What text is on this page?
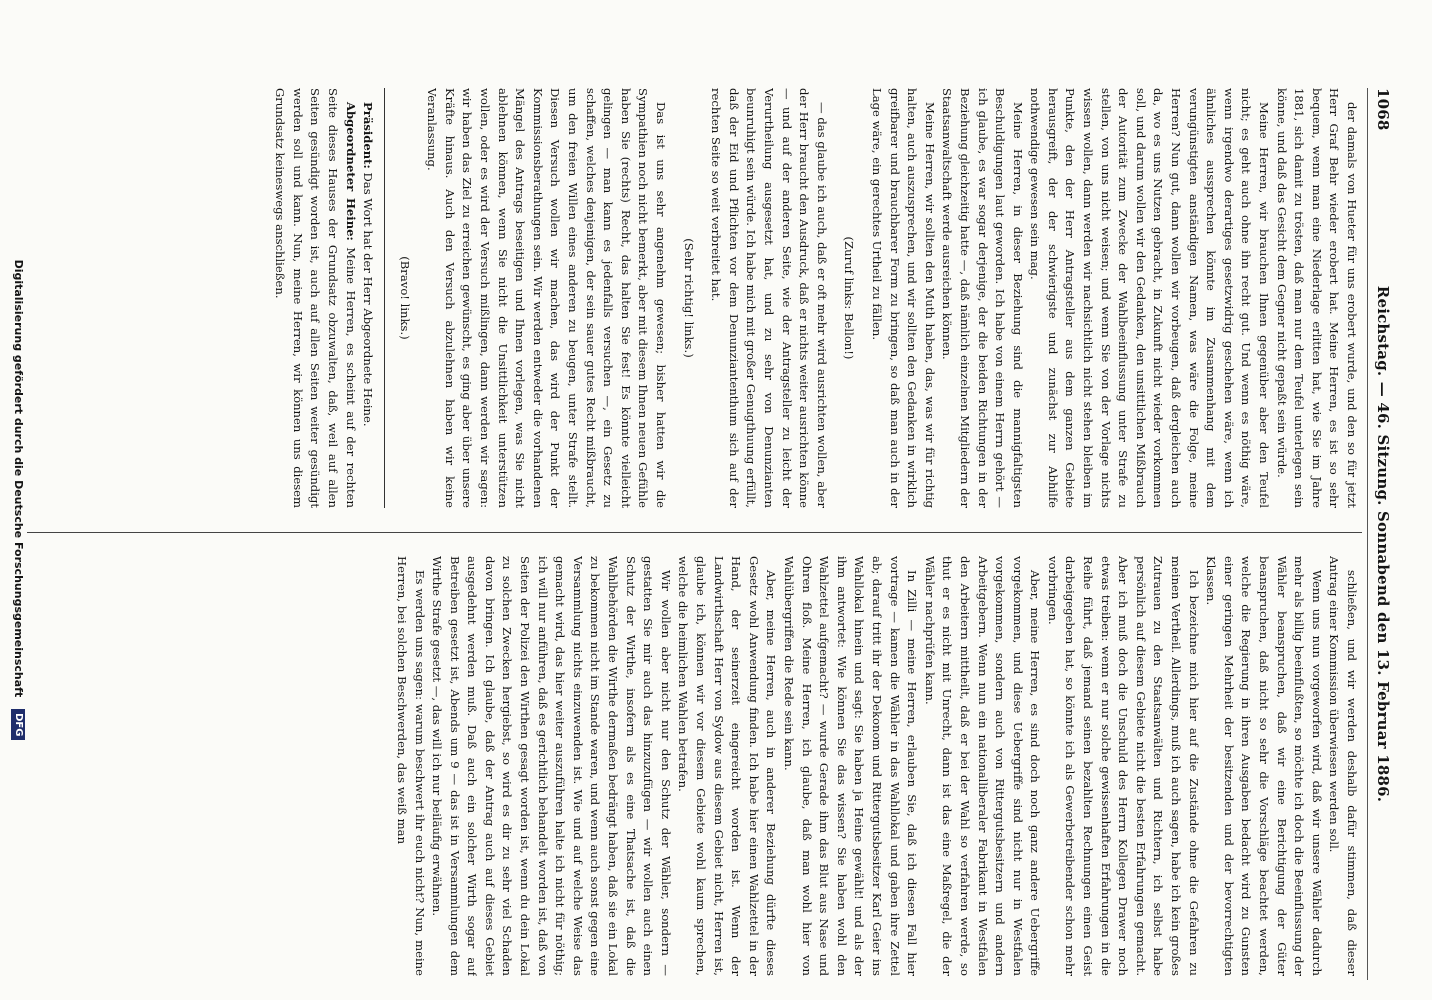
1068
Reichstag. — 46. Sitzung. Sonnabend den 13. Februar 1886.

der damals von Hueter für uns erobert wurde, und den so für jetzt Herr Graf Behr wieder erobert hat. Meine Herren, es ist so sehr bequem, wenn man eine Niederlage erlitten hat, wie Sie im Jahre 1881, sich damit zu trösten, daß man nur dem Teufel unterlegen sein könne, und daß das Gesicht dem Gegner nicht gepaßt sein würde.

Meine Herren, wir brauchen Ihnen gegenüber aber den Teufel nicht; es geht auch ohne ihn recht gut. Und wenn es nöthig wäre, wenn irgendwo derartiges gesetzwidrig geschehen wäre, wenn ich ähnliches aussprechen könnte im Zusammenhang mit dem verungünstigten anständigen Namen, was wäre die Folge, meine Herren? Nun gut, dann wollen wir vorbeugen, daß dergleichen auch da, wo es uns Nutzen gebracht, in Zukunft nicht wieder vorkommen soll, und darum wollen wir den Gedanken, den unsittlichen Mißbrauch der Autorität zum Zwecke der Wahlbeeinflussung unter Strafe zu stellen, von uns nicht weisen; und wenn Sie von der Vorlage nichts wissen wollen, dann werden wir nachsichtlich nicht stehen bleiben im Punkte, den der Herr Antragsteller aus dem ganzen Gebiete herausgreift, der der schwierigste und zunächst zur Abhilfe nothwendige gewesen sein mag.

Meine Herren, in dieser Beziehung sind die mannigfaltigsten Beschuldigungen laut geworden. Ich habe von einem Herrn gehört — ich glaube, es war sogar derjenige, der die beiden Richtungen in der Beziehung gleichzeitig hatte —, daß nämlich einzelnen Mitgliedern der Staatsanwaltschaft werde ausreichen können.

Meine Herren, wir sollten den Muth haben, das, was wir für richtig halten, auch auszusprechen, und wir sollten den Gedanken in wirklich greifbarer und brauchbarer Form zu bringen, so daß man auch in der Lage wäre, ein gerechtes Urtheil zu fällen.

(Zuruf links: Bellon!)

— das glaube ich auch, daß er oft mehr wird ausrichten wollen, aber der Herr braucht den Ausdruck, daß er nichts weiter ausrichten könne — und auf der anderen Seite, wie der Antragsteller zu leicht der Verurtheilung ausgesetzt hat, und zu sehr von Denunzianten beunruhigt sein würde. Ich habe mich mit großer Genugthuung erfüllt, daß der Eid und Pflichten vor dem Denunziantenthum sich auf der rechten Seite so weit verbreitet hat.

(Sehr richtig! links.)

Das ist uns sehr angenehm gewesen; bisher hatten wir die Sympathien noch nicht bemerkt, aber mit diesem Ihnen neuen Gefühle haben Sie (rechts) Recht, das halten Sie fest! Es könnte vielleicht gelingen — man kann es jedenfalls versuchen —, ein Gesetz zu schaffen, welches denjenigen, der sein sauer gutes Recht mißbraucht, um den freien Willen eines anderen zu beugen, unter Strafe stellt. Diesen Versuch wollen wir machen, das wird der Punkt der Kommissionsberathungen sein. Wir werden entweder die vorhandenen Mängel des Antrags beseitigen und Ihnen vorlegen, was Sie nicht ablehnen können, wenn Sie nicht die Unsittlichkeit unterstützen wollen, oder es wird der Versuch mißlingen, dann werden wir sagen: wir haben das Ziel zu erreichen gewünscht, es ging aber über unsere Kräfte hinaus. Auch den Versuch abzulehnen haben wir keine Veranlassung.

(Bravo! links.)

Präsident: Das Wort hat der Herr Abgeordnete Heine.

Abgeordneter Heine: Meine Herren, es scheint auf der rechten Seite dieses Hauses der Grundsatz obzuwalten, daß, weil auf allen Seiten gesündigt worden ist, auch auf allen Seiten weiter gesündigt werden soll und kann. Nun, meine Herren, wir können uns diesem Grundsatz keineswegs anschließen.

schließen, und wir werden deshalb dafür stimmen, daß dieser Antrag einer Kommission überwiesen werden soll.

Wenn uns nun vorgeworfen wird, daß wir unsere Wähler dadurch mehr als billig beeinflußten, so möchte ich doch die Beeinflussung der Wähler beanspruchen, daß wir eine Berichtigung der Güter beanspruchen, daß nicht so sehr die Vorschläge beachtet werden, welche die Regierung in ihren Ausgaben bedacht wird zu Gunsten einer geringen Mehrheit der besitzenden und der bevorrechtigten Klassen.

Ich bezeichne mich hier auf die Zustände ohne die Gefahren zu meinen Vertheil. Allerdings, muß ich auch sagen, habe ich kein großes Zutrauen zu den Staatsanwälten und Richtern, ich selbst habe persönlich auf diesem Gebiete nicht die besten Erfahrungen gemacht. Aber ich muß doch die Unschuld des Herrn Kollegen Drawer noch etwas treiben: wenn er nur solche gewissenhaften Erfahrungen in die Reihe führt, daß jemand seinen bezahlten Rechnungen einen Geist darbeigegeben hat, so könnte ich als Gewerbetreibender schon mehr vorbringen.

Aber, meine Herren, es sind doch noch ganz andere Uebergriffe vorgekommen, und diese Uebergriffe sind nicht nur in Westfalen vorgekommen, sondern auch von Rittergutsbesitzern und andern Arbeitgebern. Wenn nun ein nationalliberaler Fabrikant in Westfalen den Arbeitern mittheilt, daß er bei der Wahl so verfahren werde, so thut er es nicht mit Unrecht, dann ist das eine Maßregel, die der Wähler nachprüfen kann.

In Zilli — meine Herren, erlauben Sie, daß ich diesen Fall hier vortrage — kamen die Wähler in das Wahllokal und gaben ihre Zettel ab; darauf tritt ihr der Dekonom und Rittergutsbesitzer Karl Geier ins Wahllokal hinein und sagt: Sie haben ja Heine gewählt! und als der ihm antwortet: Wie können Sie das wissen? Sie haben wohl den Wahlzettel aufgemacht? — wurde Gerade ihm das Blut aus Nase und Ohren floß. Meine Herren, ich glaube, daß man wohl hier von Wahlübergriffen die Rede sein kann.

Aber, meine Herren, auch in anderer Beziehung dürfte dieses Gesetz wohl Anwendung finden. Ich habe hier einen Wahlzettel in der Hand, der seinerzeit eingereicht worden ist. Wenn der Landwirthschaft Herr von Sydow aus diesem Gebiet nicht, Herren ist, glaube ich, können wir vor diesem Gebiete wohl kaum sprechen, welche die heimlichen Wahlen betrafen.

Wir wollen aber nicht nur den Schutz der Wähler, sondern — gestatten Sie mir auch das hinzuzufügen — wir wollen auch einen Schutz der Wirthe, insofern als es eine Thatsache ist, daß die Wahlbehörden die Wirthe dermaßen bedrängt haben, daß sie ein Lokal zu bekommen nicht im Stande waren, und wenn auch sonst gegen eine Versammlung nichts einzuwenden ist. Wie und auf welche Weise das gemacht wird, das hier weiter auszuführen halte ich nicht für nöthig; ich will nur anführen, daß es gerichtlich behandelt worden ist, daß von Seiten der Polizei den Wirthen gesagt worden ist, wenn du dein Lokal zu solchen Zwecken hergiebst, so wird es dir zu sehr viel Schaden davon bringen. Ich glaube, daß der Antrag auch auf dieses Gebiet ausgedehnt werden muß. Daß auch ein solcher Wirth sogar auf Betreiben gesetzt ist, Abends um 9 — das ist in Versammlungen dem Wirthe Strafe gesetzt —, das will ich nur beiläufig erwähnen.

Es werden uns sagen: warum beschwert ihr euch nicht? Nun, meine Herren, bei solchen Beschwerden, das weiß man

Digitalisierung gefördert durch die Deutsche Forschungsgemeinschaft DFG
